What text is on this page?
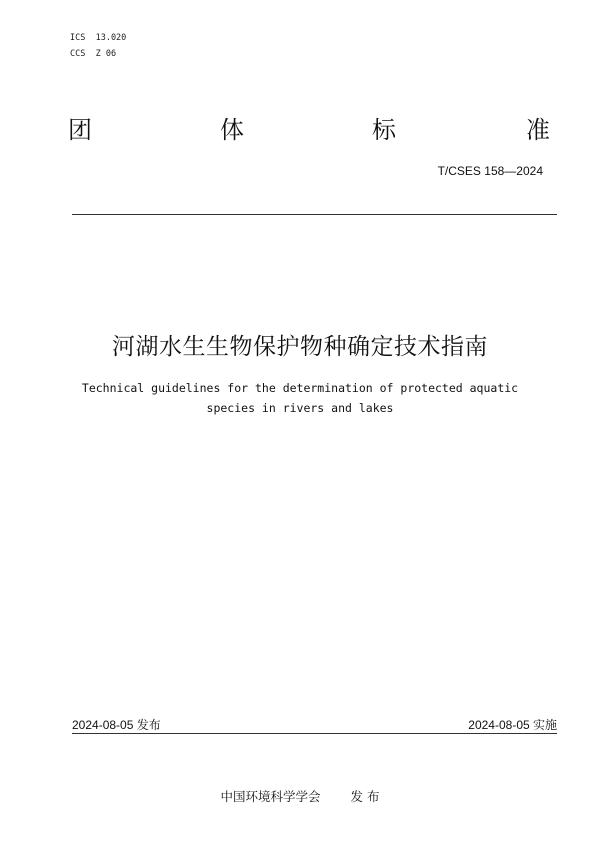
ICS  13.020
CCS  Z 06
团	体	标	准
T/CSES 158—2024
河湖水生生物保护物种确定技术指南
Technical guidelines for the determination of protected aquatic
species in rivers and lakes
2024-08-05 发布	2024-08-05 实施
中国环境科学学会 发 布
